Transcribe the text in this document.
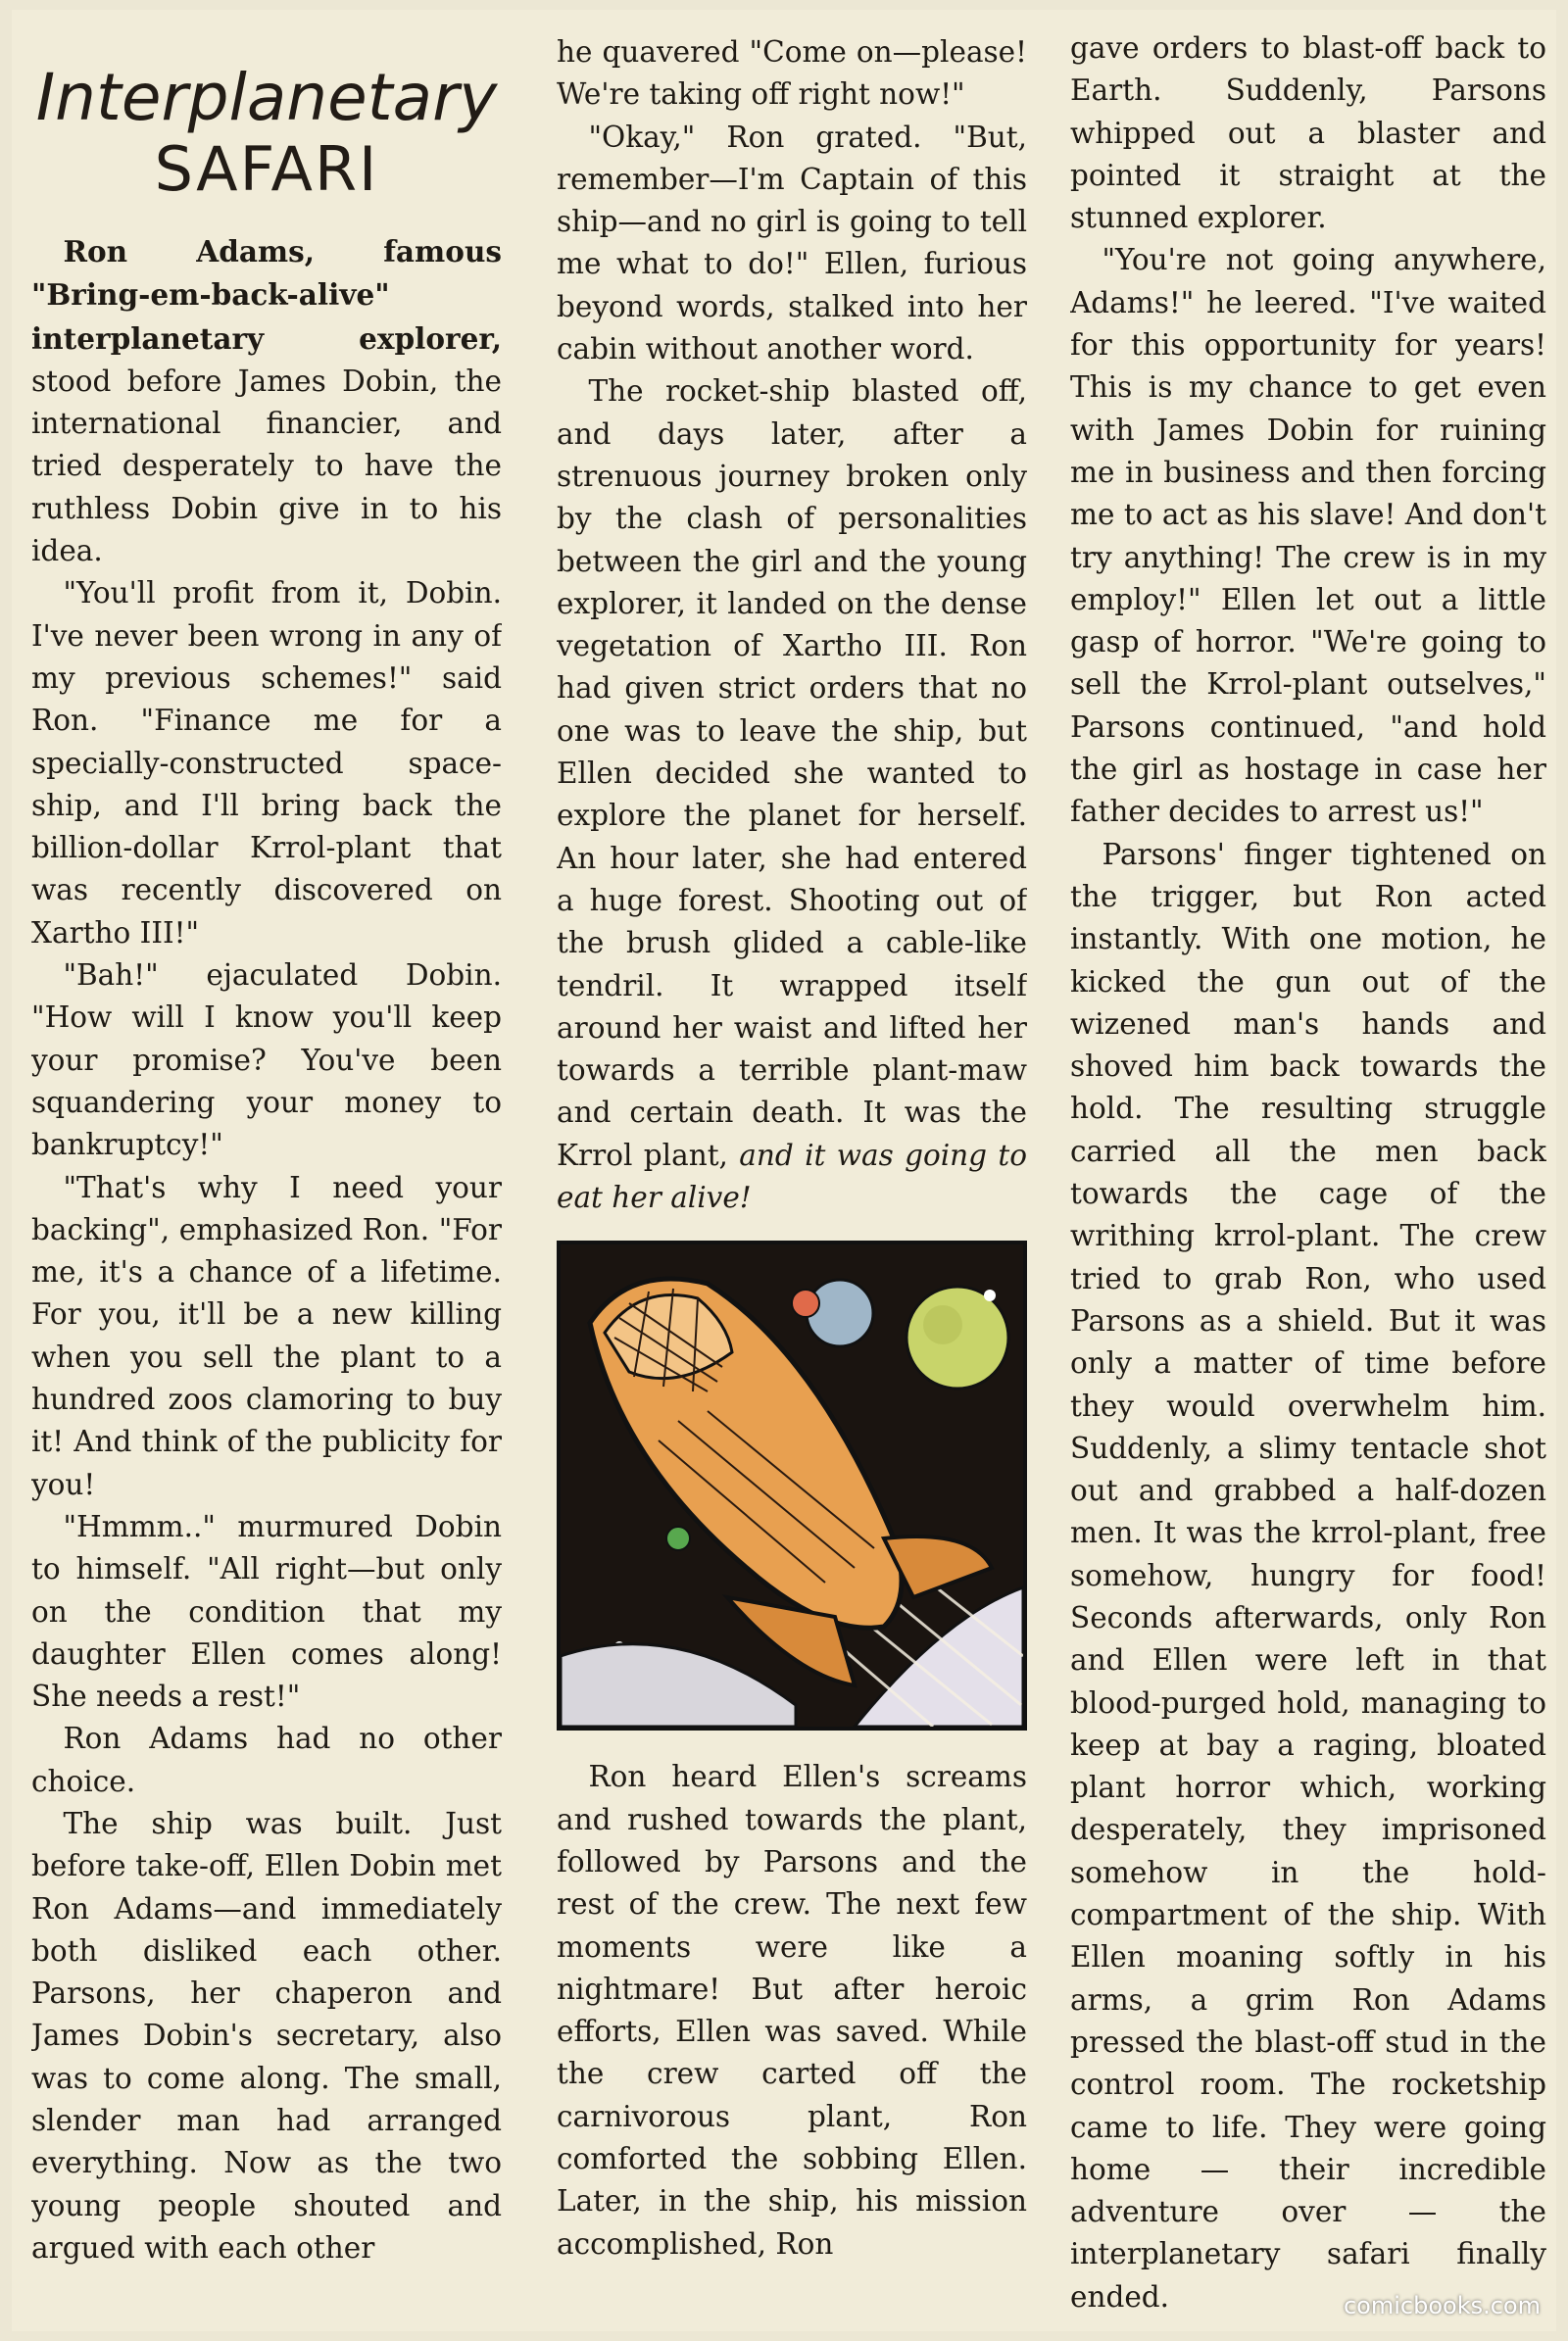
Interplanetary
SAFARI

Ron Adams, famous "Bring-em-back-alive" interplanetary explorer, stood before James Dobin, the international financier, and tried desperately to have the ruthless Dobin give in to his idea.

"You'll profit from it, Dobin. I've never been wrong in any of my previous schemes!" said Ron. "Finance me for a specially-constructed space-ship, and I'll bring back the billion-dollar Krrol-plant that was recently discovered on Xartho III!"

"Bah!" ejaculated Dobin. "How will I know you'll keep your promise? You've been squandering your money to bankruptcy!"

"That's why I need your backing", emphasized Ron. "For me, it's a chance of a lifetime. For you, it'll be a new killing when you sell the plant to a hundred zoos clamoring to buy it! And think of the publicity for you!

"Hmmm.." murmured Dobin to himself. "All right—but only on the condition that my daughter Ellen comes along! She needs a rest!"

Ron Adams had no other choice.

The ship was built. Just before take-off, Ellen Dobin met Ron Adams—and immediately both disliked each other. Parsons, her chaperon and James Dobin's secretary, also was to come along. The small, slender man had arranged everything. Now as the two young people shouted and argued with each other

he quavered "Come on—please! We're taking off right now!"

"Okay," Ron grated. "But, remember—I'm Captain of this ship—and no girl is going to tell me what to do!" Ellen, furious beyond words, stalked into her cabin without another word.

The rocket-ship blasted off, and days later, after a strenuous journey broken only by the clash of personalities between the girl and the young explorer, it landed on the dense vegetation of Xartho III. Ron had given strict orders that no one was to leave the ship, but Ellen decided she wanted to explore the planet for herself. An hour later, she had entered a huge forest. Shooting out of the brush glided a cable-like tendril. It wrapped itself around her waist and lifted her towards a terrible plant-maw and certain death. It was the Krrol plant, and it was going to eat her alive!

Ron heard Ellen's screams and rushed towards the plant, followed by Parsons and the rest of the crew. The next few moments were like a nightmare! But after heroic efforts, Ellen was saved. While the crew carted off the carnivorous plant, Ron comforted the sobbing Ellen. Later, in the ship, his mission accomplished, Ron

gave orders to blast-off back to Earth. Suddenly, Parsons whipped out a blaster and pointed it straight at the stunned explorer.

"You're not going anywhere, Adams!" he leered. "I've waited for this opportunity for years! This is my chance to get even with James Dobin for ruining me in business and then forcing me to act as his slave! And don't try anything! The crew is in my employ!" Ellen let out a little gasp of horror. "We're going to sell the Krrol-plant outselves," Parsons continued, "and hold the girl as hostage in case her father decides to arrest us!"

Parsons' finger tightened on the trigger, but Ron acted instantly. With one motion, he kicked the gun out of the wizened man's hands and shoved him back towards the hold. The resulting struggle carried all the men back towards the cage of the writhing krrol-plant. The crew tried to grab Ron, who used Parsons as a shield. But it was only a matter of time before they would overwhelm him. Suddenly, a slimy tentacle shot out and grabbed a half-dozen men. It was the krrol-plant, free somehow, hungry for food! Seconds afterwards, only Ron and Ellen were left in that blood-purged hold, managing to keep at bay a raging, bloated plant horror which, working desperately, they imprisoned somehow in the hold-compartment of the ship. With Ellen moaning softly in his arms, a grim Ron Adams pressed the blast-off stud in the control room. The rocketship came to life. They were going home — their incredible adventure over — the interplanetary safari finally ended.	comicbooks.com
